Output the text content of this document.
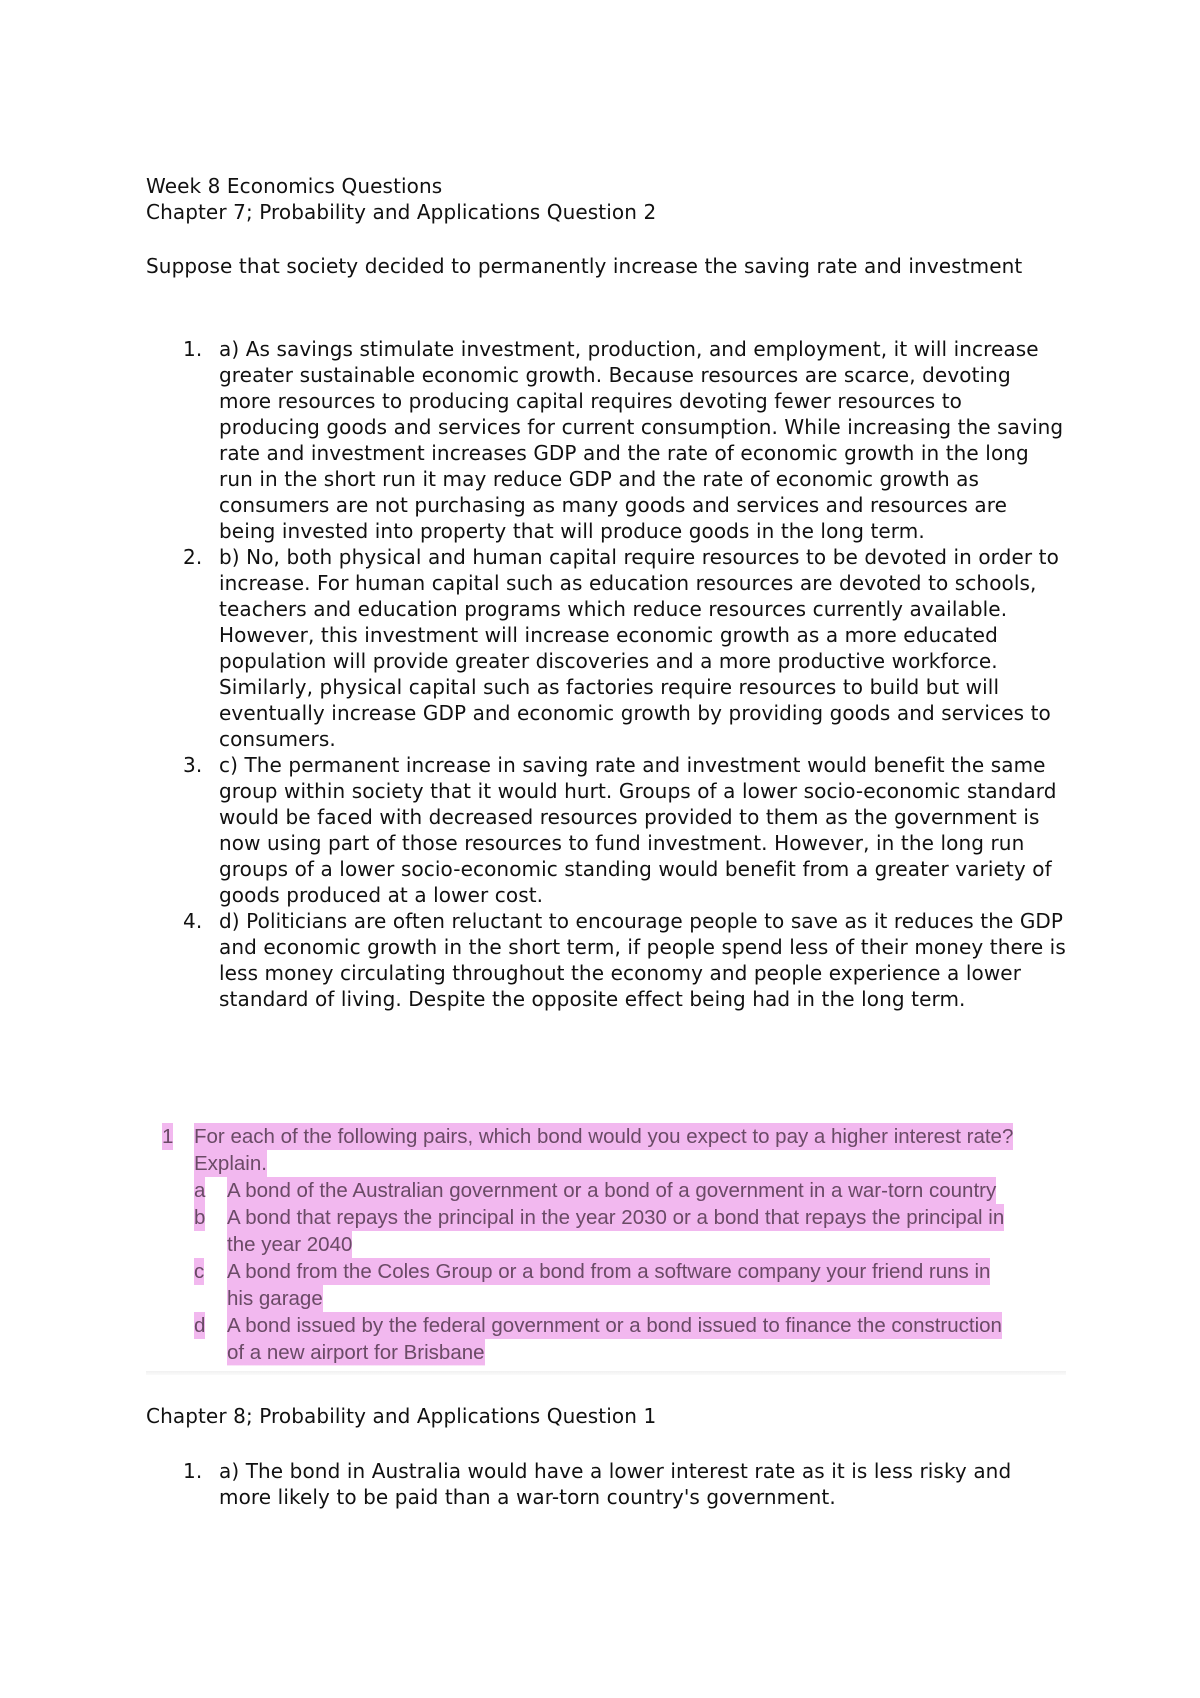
Week 8 Economics Questions
Chapter 7; Probability and Applications Question 2
Suppose that society decided to permanently increase the saving rate and investment
1. a) As savings stimulate investment, production, and employment, it will increase greater sustainable economic growth. Because resources are scarce, devoting more resources to producing capital requires devoting fewer resources to producing goods and services for current consumption. While increasing the saving rate and investment increases GDP and the rate of economic growth in the long run in the short run it may reduce GDP and the rate of economic growth as consumers are not purchasing as many goods and services and resources are being invested into property that will produce goods in the long term.
2. b) No, both physical and human capital require resources to be devoted in order to increase. For human capital such as education resources are devoted to schools, teachers and education programs which reduce resources currently available. However, this investment will increase economic growth as a more educated population will provide greater discoveries and a more productive workforce. Similarly, physical capital such as factories require resources to build but will eventually increase GDP and economic growth by providing goods and services to consumers.
3. c) The permanent increase in saving rate and investment would benefit the same group within society that it would hurt. Groups of a lower socio-economic standard would be faced with decreased resources provided to them as the government is now using part of those resources to fund investment. However, in the long run groups of a lower socio-economic standing would benefit from a greater variety of goods produced at a lower cost.
4. d) Politicians are often reluctant to encourage people to save as it reduces the GDP and economic growth in the short term, if people spend less of their money there is less money circulating throughout the economy and people experience a lower standard of living. Despite the opposite effect being had in the long term.
1 For each of the following pairs, which bond would you expect to pay a higher interest rate?
Explain.
a A bond of the Australian government or a bond of a government in a war-torn country
b A bond that repays the principal in the year 2030 or a bond that repays the principal in
the year 2040
c A bond from the Coles Group or a bond from a software company your friend runs in
his garage
d A bond issued by the federal government or a bond issued to finance the construction
of a new airport for Brisbane
Chapter 8; Probability and Applications Question 1
1. a) The bond in Australia would have a lower interest rate as it is less risky and more likely to be paid than a war-torn country's government.
